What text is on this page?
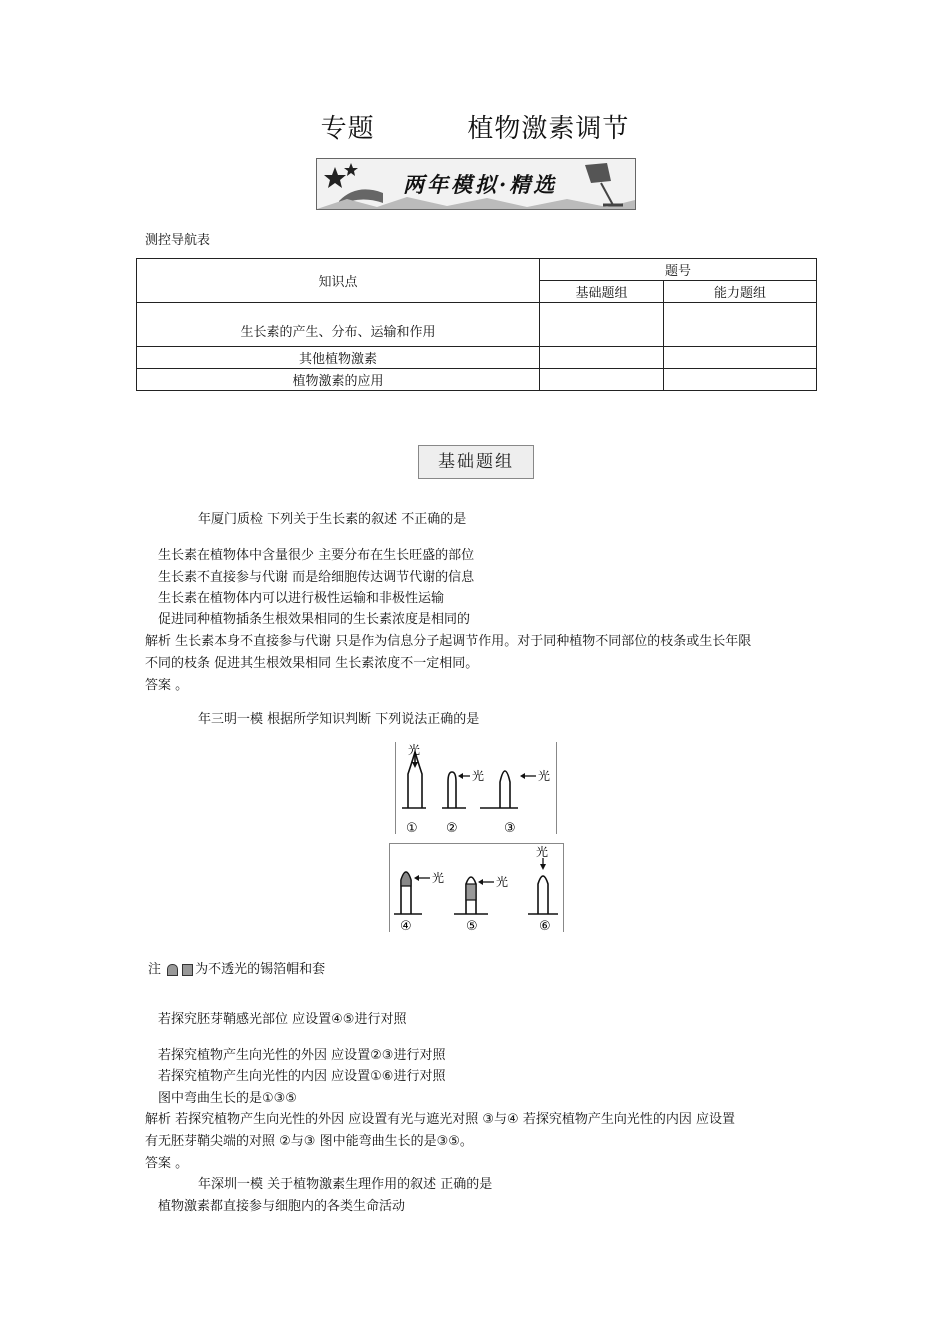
专题          植物激素调节
两年模拟·精选
测控导航表
知识点	题号	
	基础题组	能力题组
生长素的产生、分布、运输和作用		
其他植物激素		
植物激素的应用		
基础题组
年厦门质检 下列关于生长素的叙述 不正确的是
生长素在植物体中含量很少 主要分布在生长旺盛的部位
生长素不直接参与代谢 而是给细胞传达调节代谢的信息
生长素在植物体内可以进行极性运输和非极性运输
促进同种植物插条生根效果相同的生长素浓度是相同的
解析 生长素本身不直接参与代谢 只是作为信息分子起调节作用。对于同种植物不同部位的枝条或生长年限
不同的枝条 促进其生根效果相同 生长素浓度不一定相同。
答案 。
年三明一模 根据所学知识判断 下列说法正确的是
光
光	光
① ②	③
光	光
光
④	⑤	⑥
注	为不透光的锡箔帽和套
若探究胚芽鞘感光部位 应设置④⑤进行对照
若探究植物产生向光性的外因 应设置②③进行对照
若探究植物产生向光性的内因 应设置①⑥进行对照
图中弯曲生长的是①③⑤
解析 若探究植物产生向光性的外因 应设置有光与遮光对照 ③与④ 若探究植物产生向光性的内因 应设置
有无胚芽鞘尖端的对照 ②与③ 图中能弯曲生长的是③⑤。
答案 。
年深圳一模 关于植物激素生理作用的叙述 正确的是
植物激素都直接参与细胞内的各类生命活动
